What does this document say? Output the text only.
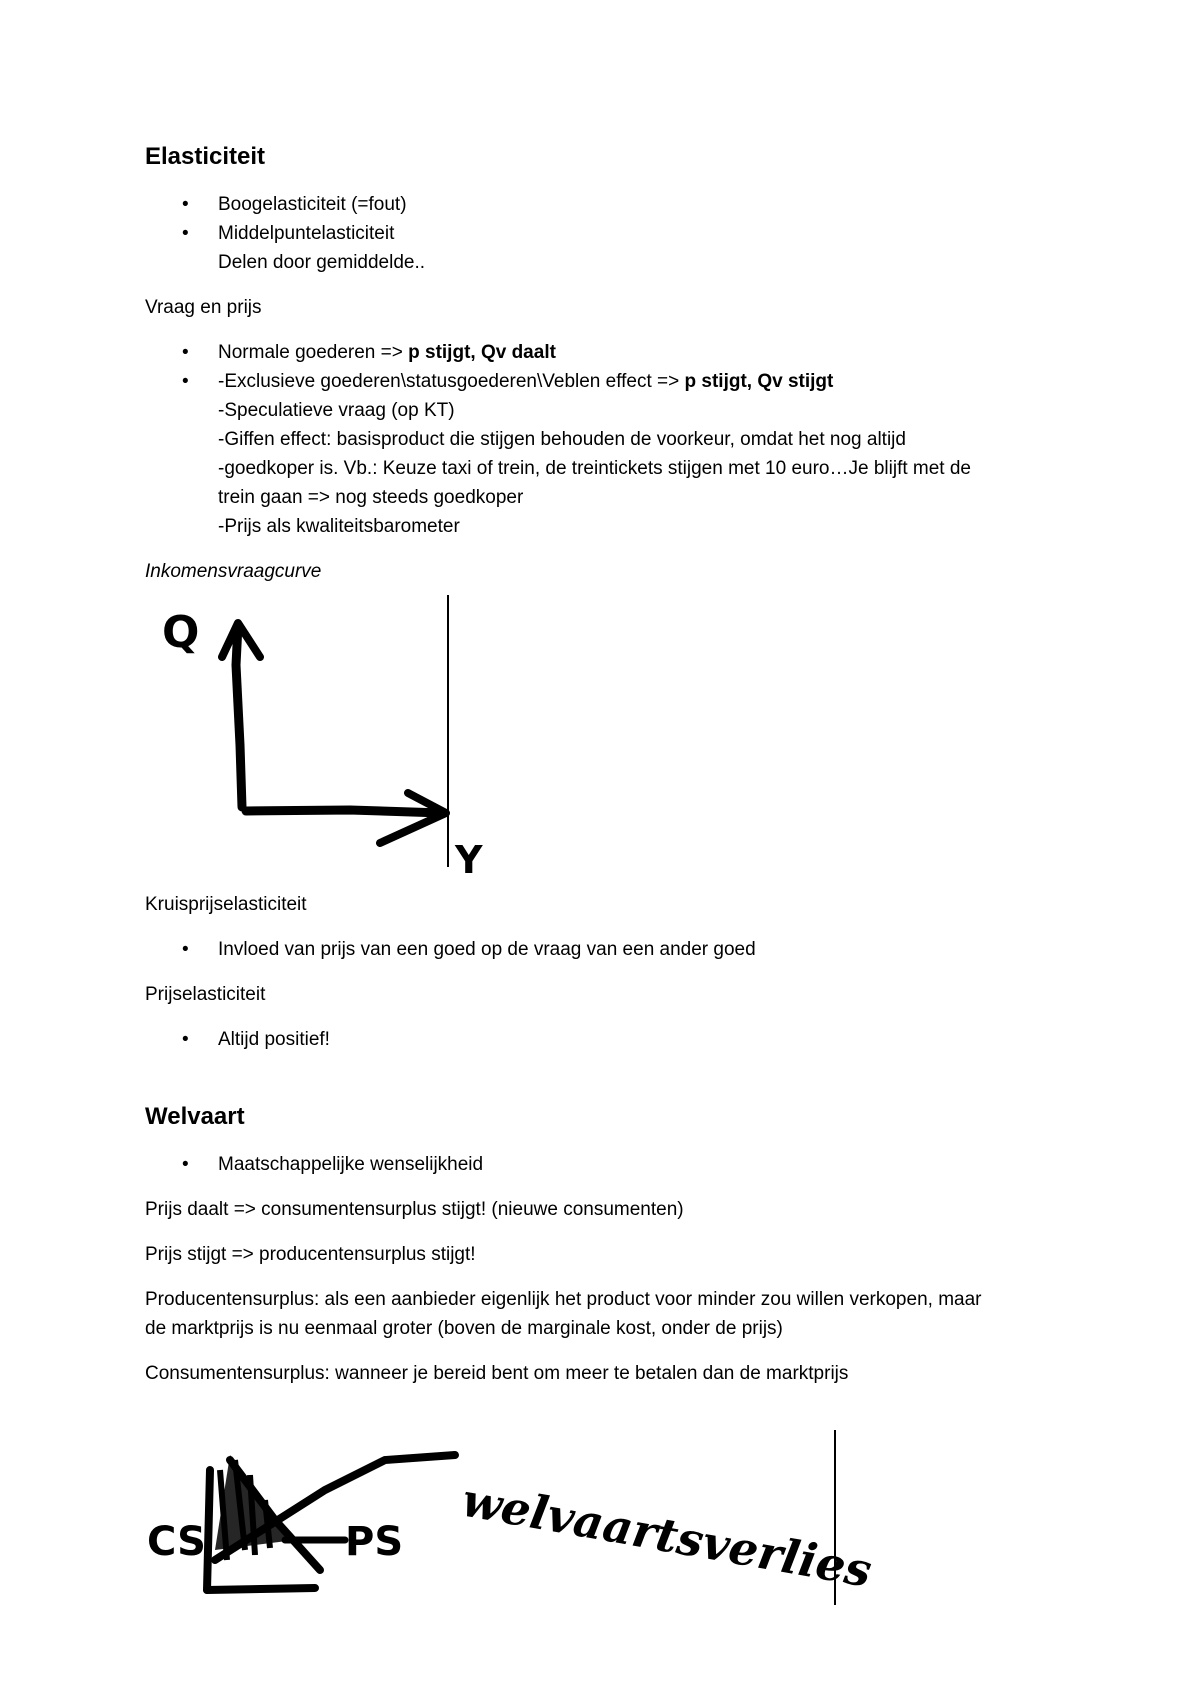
Elasticiteit
• Boogelasticiteit (=fout)
• Middelpuntelasticiteit
Delen door gemiddelde..

Vraag en prijs

• Normale goederen => p stijgt, Qv daalt
• -Exclusieve goederen\statusgoederen\Veblen effect => p stijgt, Qv stijgt
-Speculatieve vraag (op KT)
-Giffen effect: basisproduct die stijgen behouden de voorkeur, omdat het nog altijd
-goedkoper is. Vb.: Keuze taxi of trein, de treintickets stijgen met 10 euro…Je blijft met de
trein gaan => nog steeds goedkoper
-Prijs als kwaliteitsbarometer

Inkomensvraagcurve

Q
Y

Kruisprijselasticiteit

• Invloed van prijs van een goed op de vraag van een ander goed

Prijselasticiteit

• Altijd positief!
Welvaart
• Maatschappelijke wenselijkheid

Prijs daalt => consumentensurplus stijgt! (nieuwe consumenten)

Prijs stijgt => producentensurplus stijgt!

Producentensurplus: als een aanbieder eigenlijk het product voor minder zou willen verkopen, maar
de marktprijs is nu eenmaal groter (boven de marginale kost, onder de prijs)

Consumentensurplus: wanneer je bereid bent om meer te betalen dan de marktprijs

CS	PS welvaartsverlies
